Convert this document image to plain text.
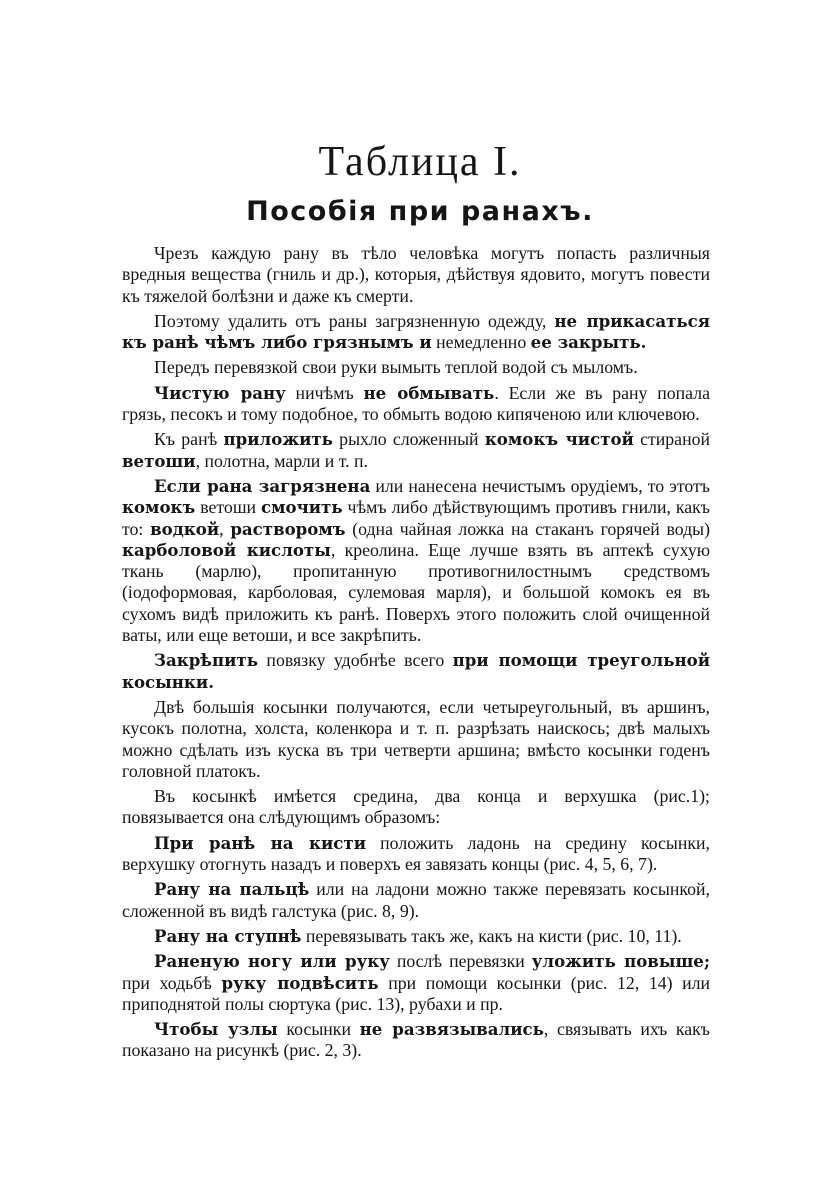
Таблица I.
Пособія при ранахъ.

Чрезъ каждую рану въ тѣло человѣка могутъ попасть различныя вредныя вещества (гниль и др.), которыя, дѣйствуя ядовито, могутъ повести къ тяжелой болѣзни и даже къ смерти.

Поэтому удалить отъ раны загрязненную одежду, не прикасаться къ ранѣ чѣмъ либо грязнымъ и немедленно ее закрыть.

Передъ перевязкой свои руки вымыть теплой водой съ мыломъ.

Чистую рану ничѣмъ не обмывать. Если же въ рану попала грязь, песокъ и тому подобное, то обмыть водою кипяченою или ключевою.

Къ ранѣ приложить рыхло сложенный комокъ чистой стираной ветоши, полотна, марли и т. п.

Если рана загрязнена или нанесена нечистымъ орудіемъ, то этотъ комокъ ветоши смочить чѣмъ либо дѣйствующимъ противъ гнили, какъ то: водкой, растворомъ (одна чайная ложка на стаканъ горячей воды) карболовой кислоты, креолина. Еще лучше взять въ аптекѣ сухую ткань (марлю), пропитанную противогнилостнымъ средствомъ (іодоформовая, карболовая, сулемовая марля), и большой комокъ ея въ сухомъ видѣ приложить къ ранѣ. Поверхъ этого положить слой очищенной ваты, или еще ветоши, и все закрѣпить.

Закрѣпить повязку удобнѣе всего при помощи треугольной косынки.

Двѣ большія косынки получаются, если четыреугольный, въ аршинъ, кусокъ полотна, холста, коленкора и т. п. разрѣзать наискось; двѣ малыхъ можно сдѣлать изъ куска въ три четверти аршина; вмѣсто косынки годенъ головной платокъ.

Въ косынкѣ имѣется средина, два конца и верхушка (рис.1); повязывается она слѣдующимъ образомъ:

При ранѣ на кисти положить ладонь на средину косынки, верхушку отогнуть назадъ и поверхъ ея завязать концы (рис. 4, 5, 6, 7).

Рану на пальцѣ или на ладони можно также перевязать косынкой, сложенной въ видѣ галстука (рис. 8, 9).

Рану на ступнѣ перевязывать такъ же, какъ на кисти (рис. 10, 11).

Раненую ногу или руку послѣ перевязки уложить повыше; при ходьбѣ руку подвѣсить при помощи косынки (рис. 12, 14) или приподнятой полы сюртука (рис. 13), рубахи и пр.

Чтобы узлы косынки не развязывались, связывать ихъ какъ показано на рисункѣ (рис. 2, 3).
